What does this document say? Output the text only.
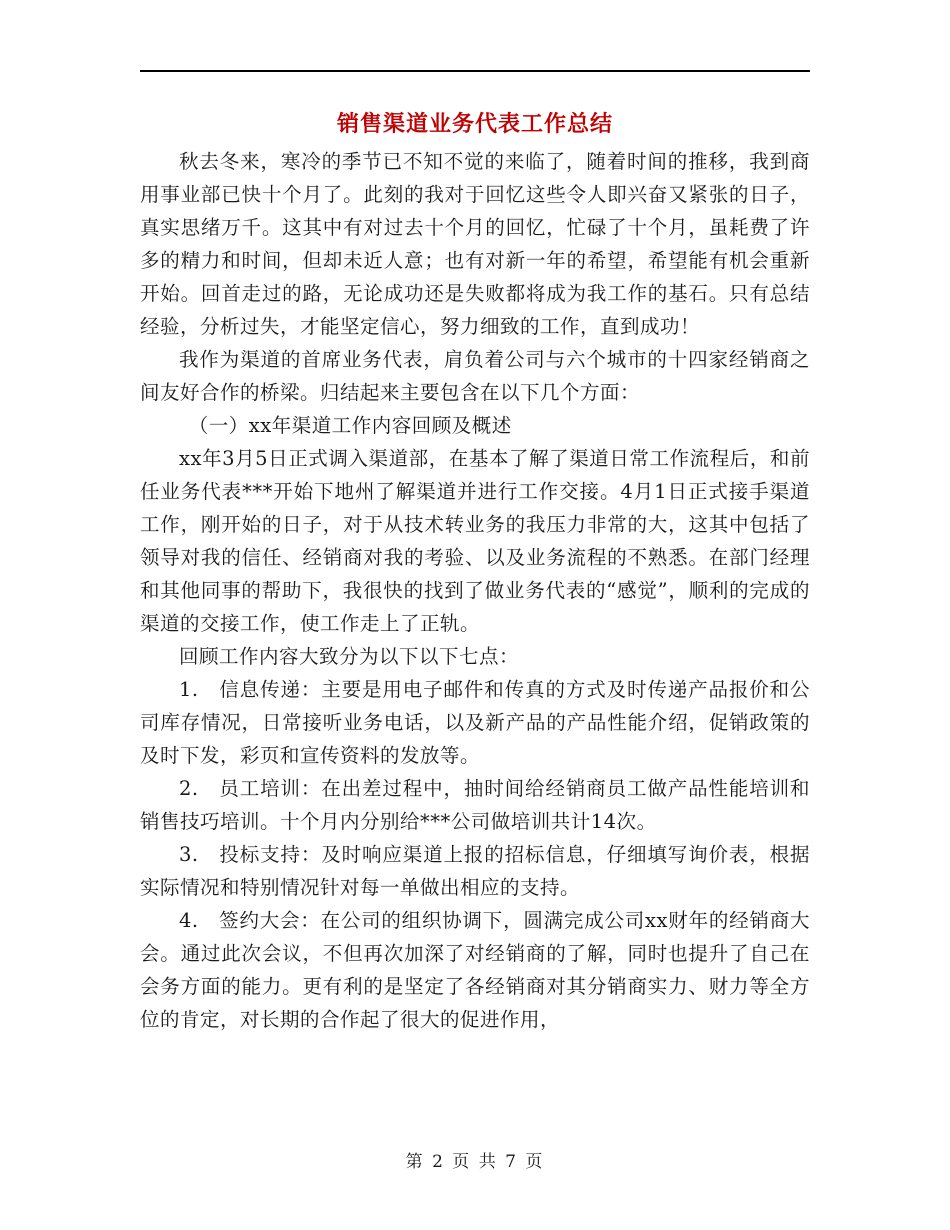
销售渠道业务代表工作总结

秋去冬来，寒冷的季节已不知不觉的来临了，随着时间的推移，我到商用事业部已快十个月了。此刻的我对于回忆这些令人即兴奋又紧张的日子，真实思绪万千。这其中有对过去十个月的回忆，忙碌了十个月，虽耗费了许多的精力和时间，但却未近人意；也有对新一年的希望，希望能有机会重新开始。回首走过的路，无论成功还是失败都将成为我工作的基石。只有总结经验，分析过失，才能坚定信心，努力细致的工作，直到成功！

我作为渠道的首席业务代表，肩负着公司与六个城市的十四家经销商之间友好合作的桥梁。归结起来主要包含在以下几个方面：

（一）xx年渠道工作内容回顾及概述

xx年3月5日正式调入渠道部，在基本了解了渠道日常工作流程后，和前任业务代表***开始下地州了解渠道并进行工作交接。4月1日正式接手渠道工作，刚开始的日子，对于从技术转业务的我压力非常的大，这其中包括了领导对我的信任、经销商对我的考验、以及业务流程的不熟悉。在部门经理和其他同事的帮助下，我很快的找到了做业务代表的“感觉”，顺利的完成的渠道的交接工作，使工作走上了正轨。

回顾工作内容大致分为以下以下七点：

1.　信息传递：主要是用电子邮件和传真的方式及时传递产品报价和公司库存情况，日常接听业务电话，以及新产品的产品性能介绍，促销政策的及时下发，彩页和宣传资料的发放等。

2.　员工培训：在出差过程中，抽时间给经销商员工做产品性能培训和销售技巧培训。十个月内分别给***公司做培训共计14次。

3.　投标支持：及时响应渠道上报的招标信息，仔细填写询价表，根据实际情况和特别情况针对每一单做出相应的支持。

4.　签约大会：在公司的组织协调下，圆满完成公司xx财年的经销商大会。通过此次会议，不但再次加深了对经销商的了解，同时也提升了自己在会务方面的能力。更有利的是坚定了各经销商对其分销商实力、财力等全方位的肯定，对长期的合作起了很大的促进作用，

第 2 页 共 7 页
